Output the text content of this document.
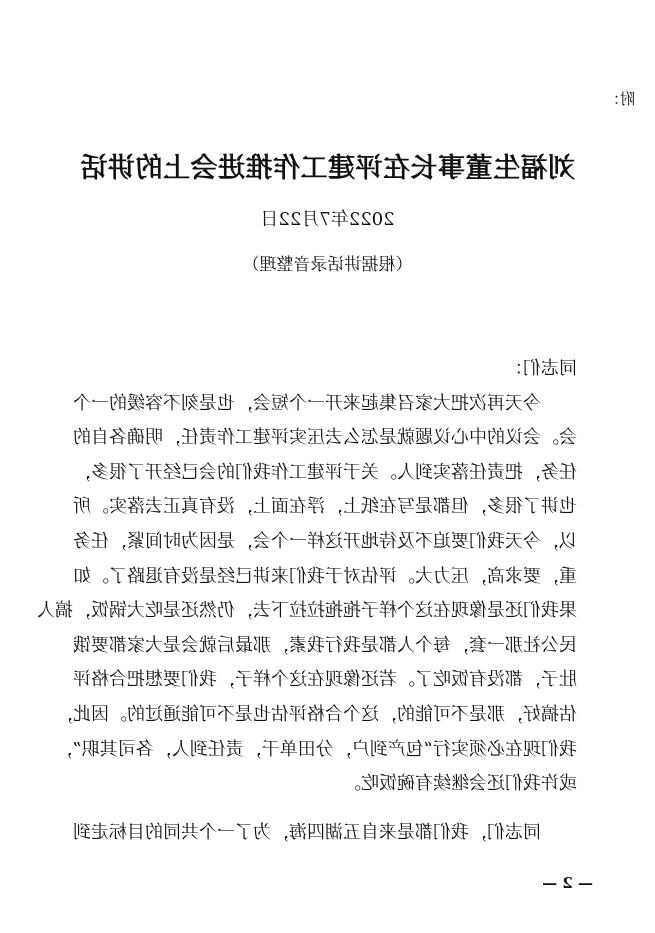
附：
刘福生董事长在评建工作推进会上的讲话
2022年7月22日
（根据讲话录音整理）
同志们：
今天再次把大家召集起来开一个短会，也是刻不容缓的一个
会。会议的中心议题就是怎么去压实评建工作责任，明确各自的
任务，把责任落实到人。关于评建工作我们的会已经开了很多，
也讲了很多，但都是写在纸上，浮在面上，没有真正去落实。所
以，今天我们要迫不及待地开这样一个会，是因为时间紧，任务
重，要求高，压力大。评估对于我们来讲已经是没有退路了。如
果我们还是像现在这个样子拖拖拉拉下去，仍然还是吃大锅饭，搞人
民公社那一套，每个人都是我行我素，那最后就会是大家都要饿
肚子，都没有饭吃了。若还像现在这个样子，我们要想把合格评
估搞好，那是不可能的，这个合格评估也是不可能通过的。因此，
我们现在必须实行“包产到户，分田单干，责任到人，各司其职”，
或许我们还会继续有碗饭吃。
同志们，我们都是来自五湖四海，为了一个共同的目标走到
— 2 —
